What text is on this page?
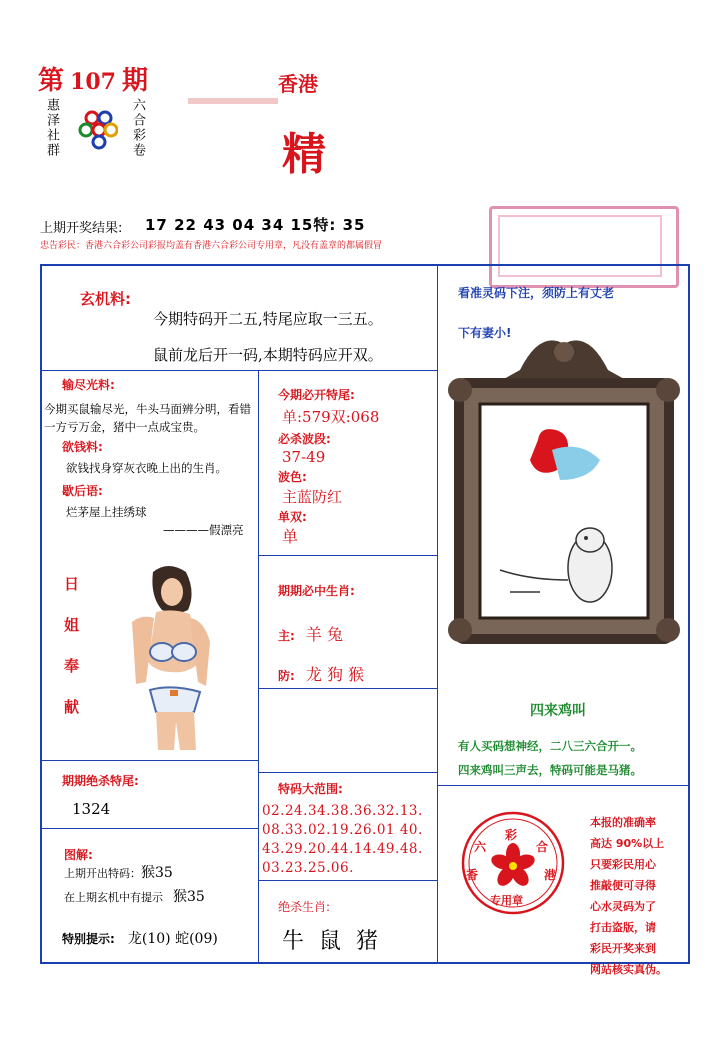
第 107 期	香港
精
惠泽社群	六合彩卷
上期开奖结果: 17 22 43 04 34 15特: 35
忠告彩民：香港六合彩公司彩报均盖有香港六合彩公司专用章，凡没有盖章的都属假冒
玄机料:
今期特码开二五,特尾应取一三五。
鼠前龙后开一码,本期特码应开双。
输尽光料:
今期买鼠输尽光，牛头马面辨分明，看错一方亏万金，猪中一点成宝贵。
欲钱料:
欲钱找身穿灰衣晚上出的生肖。
歇后语:
烂茅屋上挂绣球
————假漂亮
今期必开特尾:
单:579双:068
必杀波段:
37-49
波色:
主蓝防红
单双:
单
日
姐
奉
献
期期必中生肖:
主: 羊 兔
防: 龙 狗 猴
看准灵码下注，须防上有丈老
下有妻小!
四来鸡叫
有人买码想神经，二八三六合开一。
四来鸡叫三声去，特码可能是马猪。
期期绝杀特尾:
1324
特码大范围:
02.24.34.38.36.32.13.
08.33.02.19.26.01 40.
43.29.20.44.14.49.48.
03.23.25.06.
图解:
上期开出特码：猴35
在上期玄机中有提示 猴35
特别提示: 龙(10) 蛇(09)
绝杀生肖:
牛 鼠 猪
六
彩
合
香	港
专用章
本报的准确率
高达 90%以上
只要彩民用心
推敲便可寻得
心水灵码为了
打击盗版，请
彩民开奖来到
网站核实真伪。
